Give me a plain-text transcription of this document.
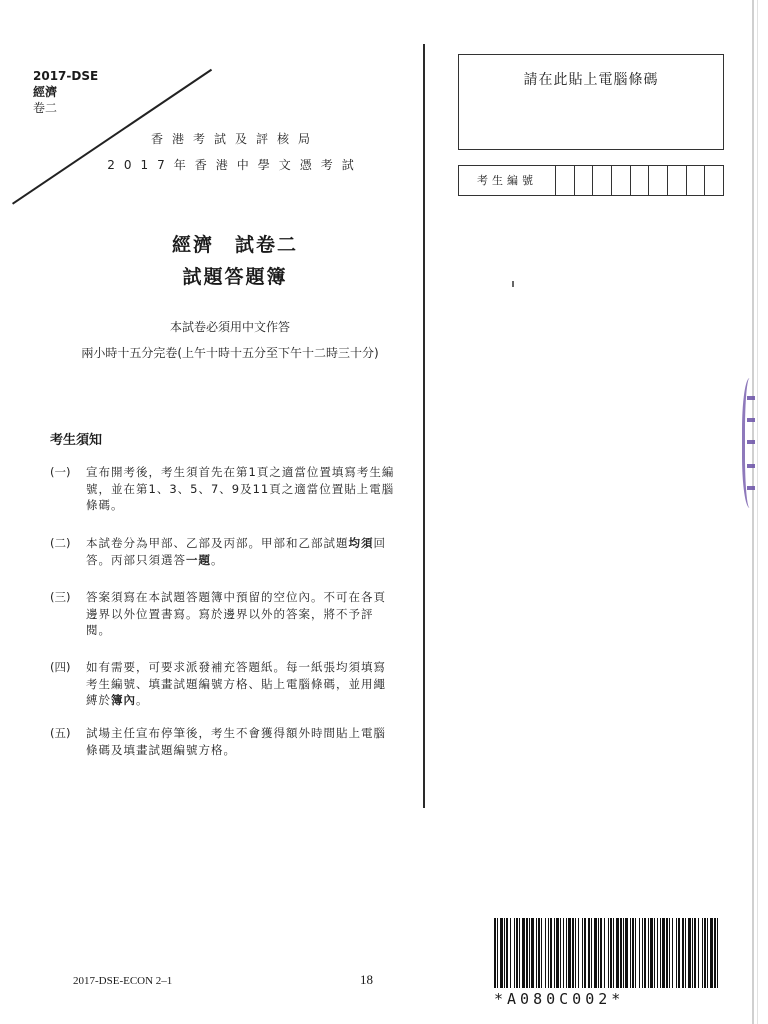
2017-DSE
經濟
卷二
香港考試及評核局
2017年香港中學文憑考試
經濟　試卷二
試題答題簿
本試卷必須用中文作答
兩小時十五分完卷(上午十時十五分至下午十二時三十分)
考生須知
(一)	宣布開考後，考生須首先在第1頁之適當位置填寫考生編號，並在第1、3、5、7、9及11頁之適當位置貼上電腦條碼。
(二)	本試卷分為甲部、乙部及丙部。甲部和乙部試題均須回答。丙部只須選答一題。
(三)	答案須寫在本試題答題簿中預留的空位內。不可在各頁邊界以外位置書寫。寫於邊界以外的答案，將不予評閱。
(四)	如有需要，可要求派發補充答題紙。每一紙張均須填寫考生編號、填畫試題編號方格、貼上電腦條碼，並用繩縛於簿內。
(五)	試場主任宣布停筆後，考生不會獲得額外時間貼上電腦條碼及填畫試題編號方格。
請在此貼上電腦條碼
考生編號
2017-DSE-ECON 2–1	18
*A080C002*
